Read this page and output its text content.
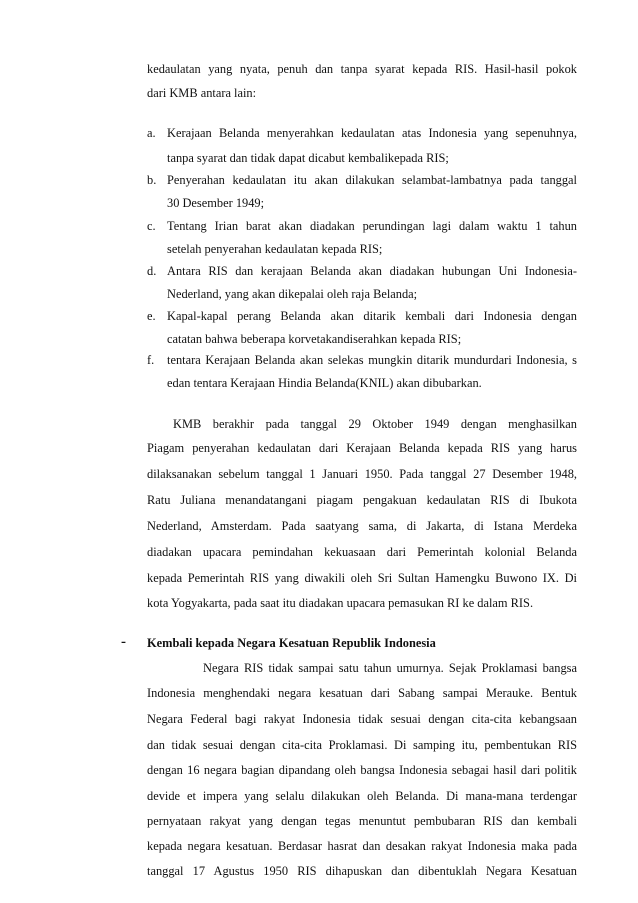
kedaulatan yang nyata, penuh dan tanpa syarat kepada RIS. Hasil-hasil pokok
dari KMB antara lain:
a. Kerajaan Belanda menyerahkan kedaulatan atas Indonesia yang sepenuhnya,
tanpa syarat dan tidak dapat dicabut kembalikepada RIS;
b. Penyerahan kedaulatan itu akan dilakukan selambat-lambatnya pada tanggal
30 Desember 1949;
c. Tentang Irian barat akan diadakan perundingan lagi dalam waktu 1 tahun
setelah penyerahan kedaulatan kepada RIS;
d. Antara RIS dan kerajaan Belanda akan diadakan hubungan Uni Indonesia-
Nederland, yang akan dikepalai oleh raja Belanda;
e. Kapal-kapal perang Belanda akan ditarik kembali dari Indonesia dengan
catatan bahwa beberapa korvetakandiserahkan kepada RIS;
f. tentara Kerajaan Belanda akan selekas mungkin ditarik mundurdari Indonesia, s
edan tentara Kerajaan Hindia Belanda(KNIL) akan dibubarkan.
KMB berakhir pada tanggal 29 Oktober 1949 dengan menghasilkan
Piagam penyerahan kedaulatan dari Kerajaan Belanda kepada RIS yang harus
dilaksanakan sebelum tanggal 1 Januari 1950. Pada tanggal 27 Desember 1948,
Ratu Juliana menandatangani piagam pengakuan kedaulatan RIS di Ibukota
Nederland, Amsterdam. Pada saatyang sama, di Jakarta, di Istana Merdeka
diadakan upacara pemindahan kekuasaan dari Pemerintah kolonial Belanda
kepada Pemerintah RIS yang diwakili oleh Sri Sultan Hamengku Buwono IX. Di
kota Yogyakarta, pada saat itu diadakan upacara pemasukan RI ke dalam RIS.
- Kembali kepada Negara Kesatuan Republik Indonesia
Negara RIS tidak sampai satu tahun umurnya. Sejak Proklamasi bangsa
Indonesia menghendaki negara kesatuan dari Sabang sampai Merauke. Bentuk
Negara Federal bagi rakyat Indonesia tidak sesuai dengan cita-cita kebangsaan
dan tidak sesuai dengan cita-cita Proklamasi. Di samping itu, pembentukan RIS
dengan 16 negara bagian dipandang oleh bangsa Indonesia sebagai hasil dari politik
devide et impera yang selalu dilakukan oleh Belanda. Di mana-mana terdengar
pernyataan rakyat yang dengan tegas menuntut pembubaran RIS dan kembali
kepada negara kesatuan. Berdasar hasrat dan desakan rakyat Indonesia maka pada
tanggal 17 Agustus 1950 RIS dihapuskan dan dibentuklah Negara Kesatuan
